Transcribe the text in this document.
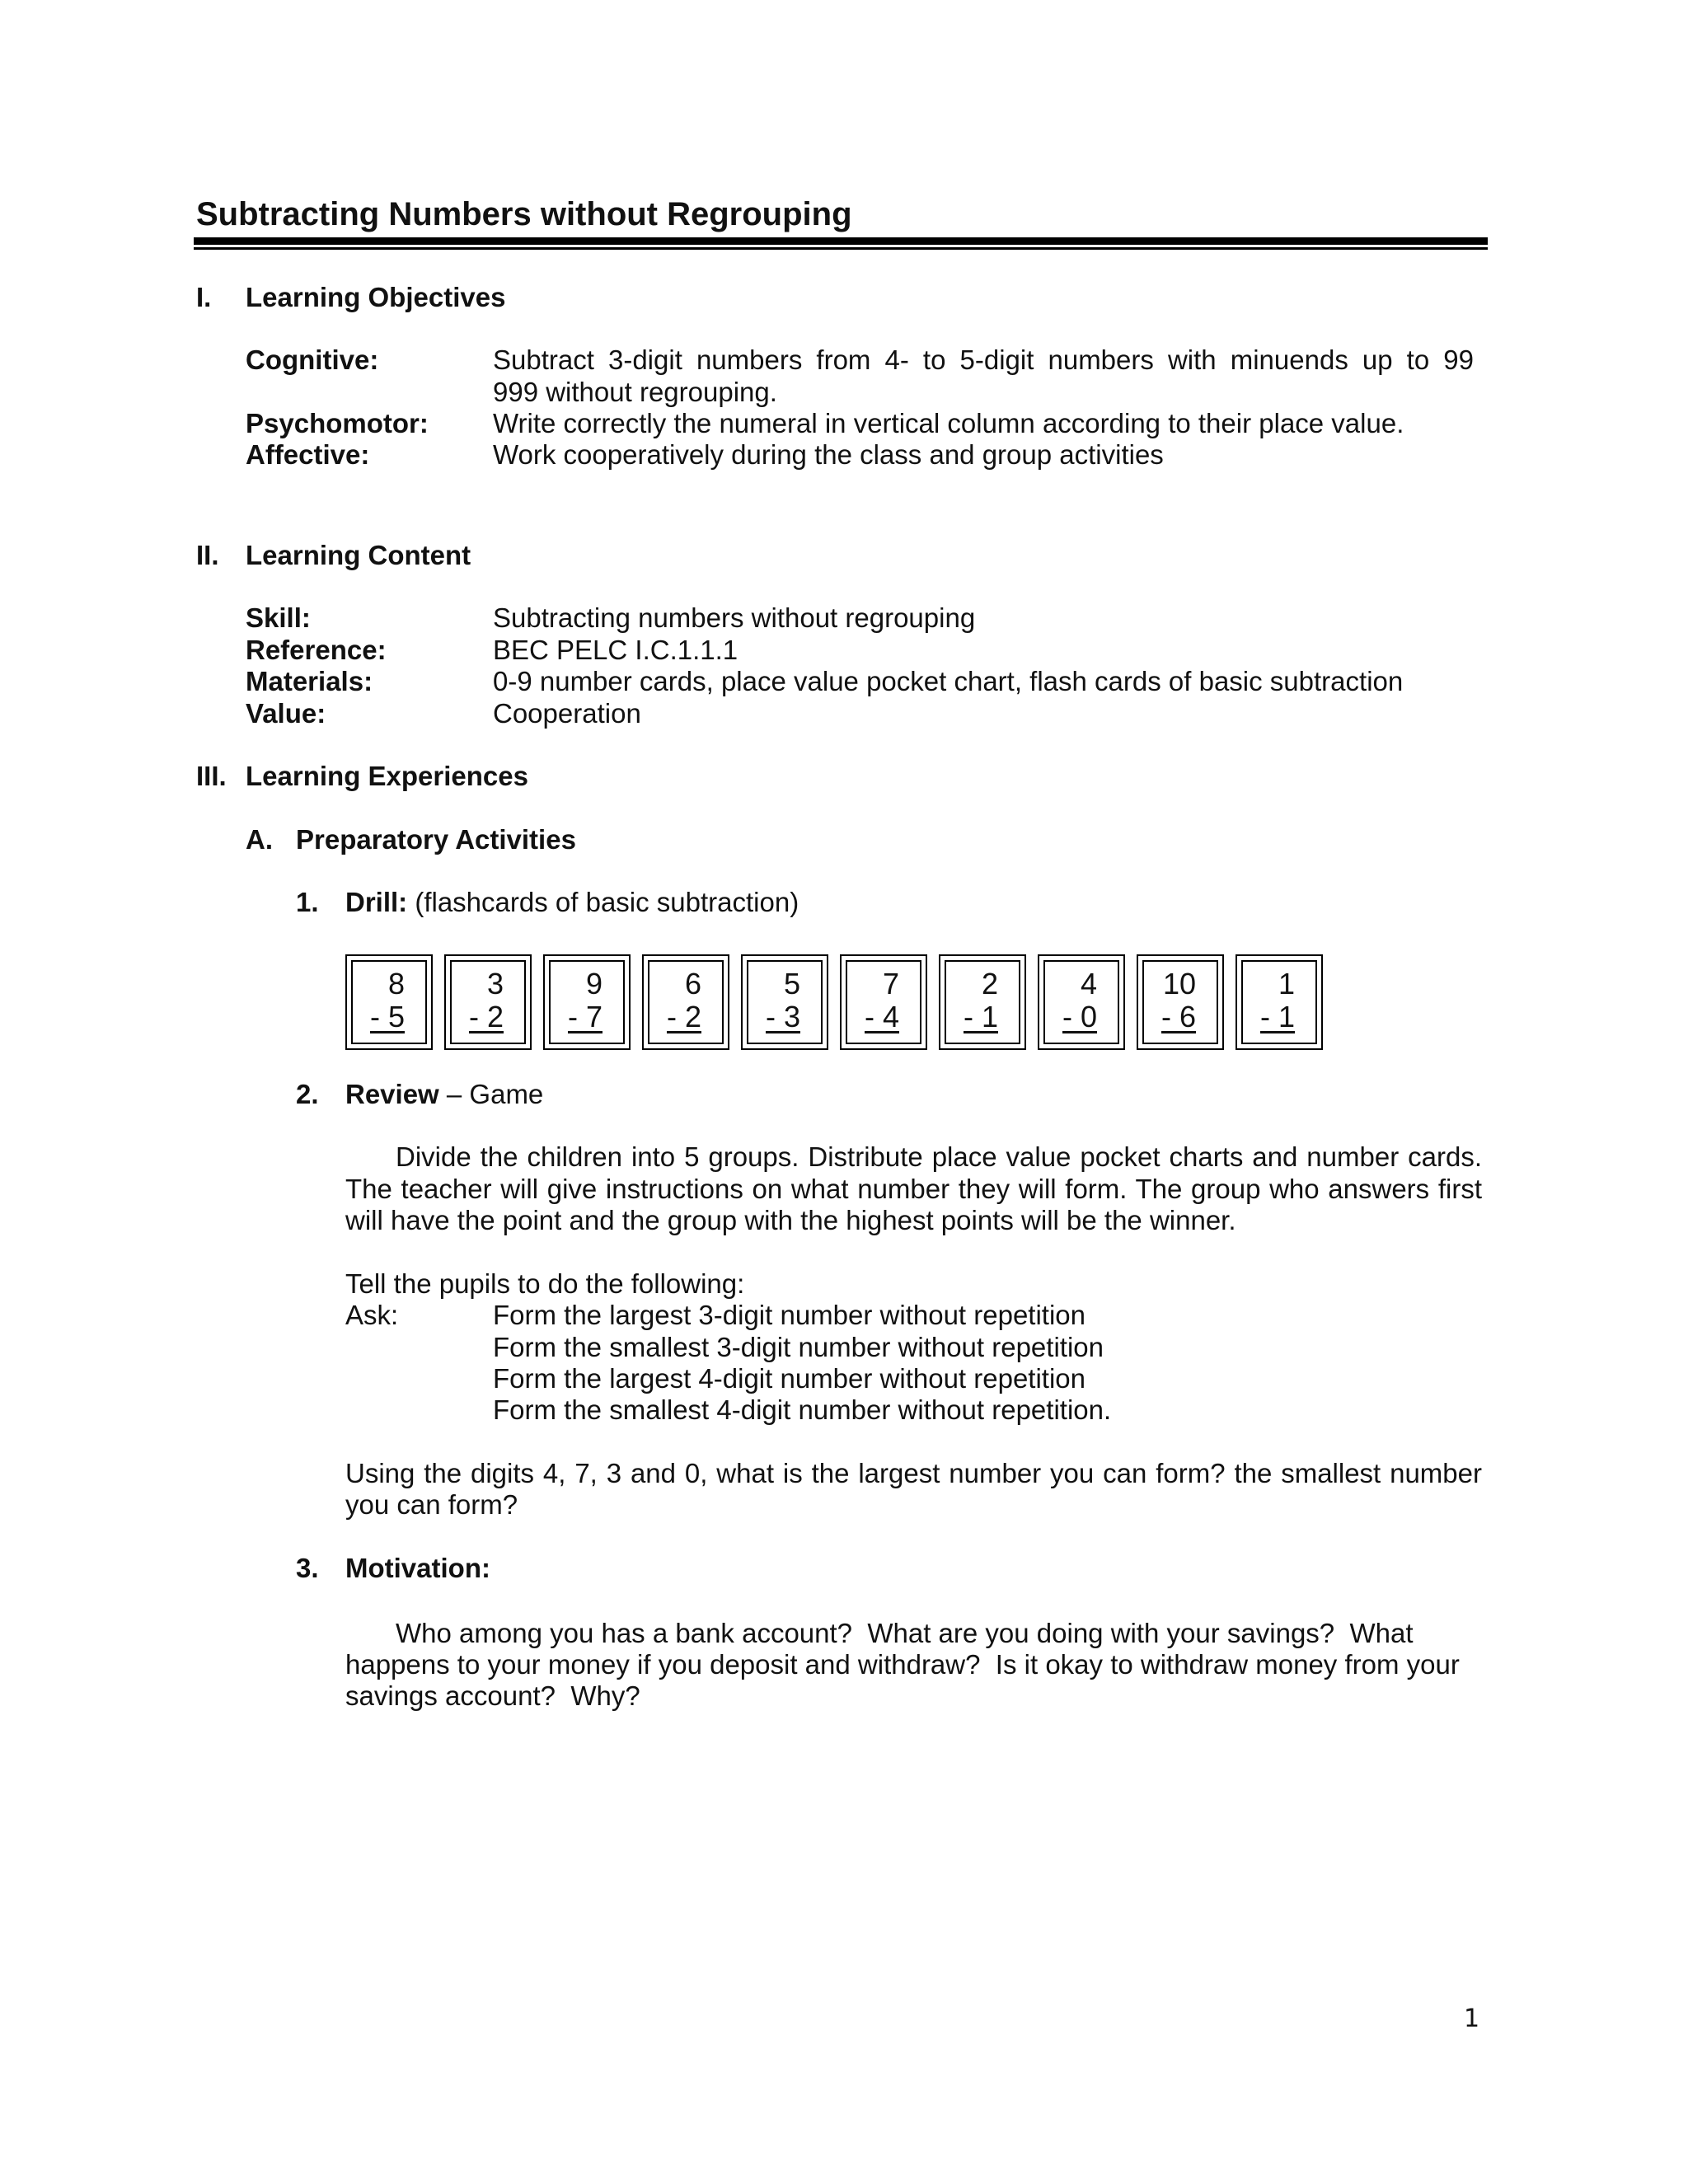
Subtracting Numbers without Regrouping
I. Learning Objectives
Cognitive:	Subtract 3-digit numbers from 4- to 5-digit numbers with minuends up to 99
999 without regrouping.
Psychomotor: Write correctly the numeral in vertical column according to their place value.
Affective:	Work cooperatively during the class and group activities
II. Learning Content
Skill:	Subtracting numbers without regrouping
Reference:	BEC PELC I.C.1.1.1
Materials:	0-9 number cards, place value pocket chart, flash cards of basic subtraction
Value:	Cooperation
III. Learning Experiences
A. Preparatory Activities
1. Drill: (flashcards of basic subtraction)
8
- 5
3
- 2
9
- 7
6
- 2
5
- 3
7
- 4
2
- 1
4
- 0
10
- 6
1
- 1
2. Review – Game
Divide the children into 5 groups. Distribute place value pocket charts and number cards.
The teacher will give instructions on what number they will form. The group who answers first
will have the point and the group with the highest points will be the winner.
Tell the pupils to do the following:
Ask:	Form the largest 3-digit number without repetition
Form the smallest 3-digit number without repetition
Form the largest 4-digit number without repetition
Form the smallest 4-digit number without repetition.
Using the digits 4, 7, 3 and 0, what is the largest number you can form? the smallest number
you can form?
3. Motivation:
Who among you has a bank account?  What are you doing with your savings?  What
happens to your money if you deposit and withdraw?  Is it okay to withdraw money from your
savings account?  Why?
1
